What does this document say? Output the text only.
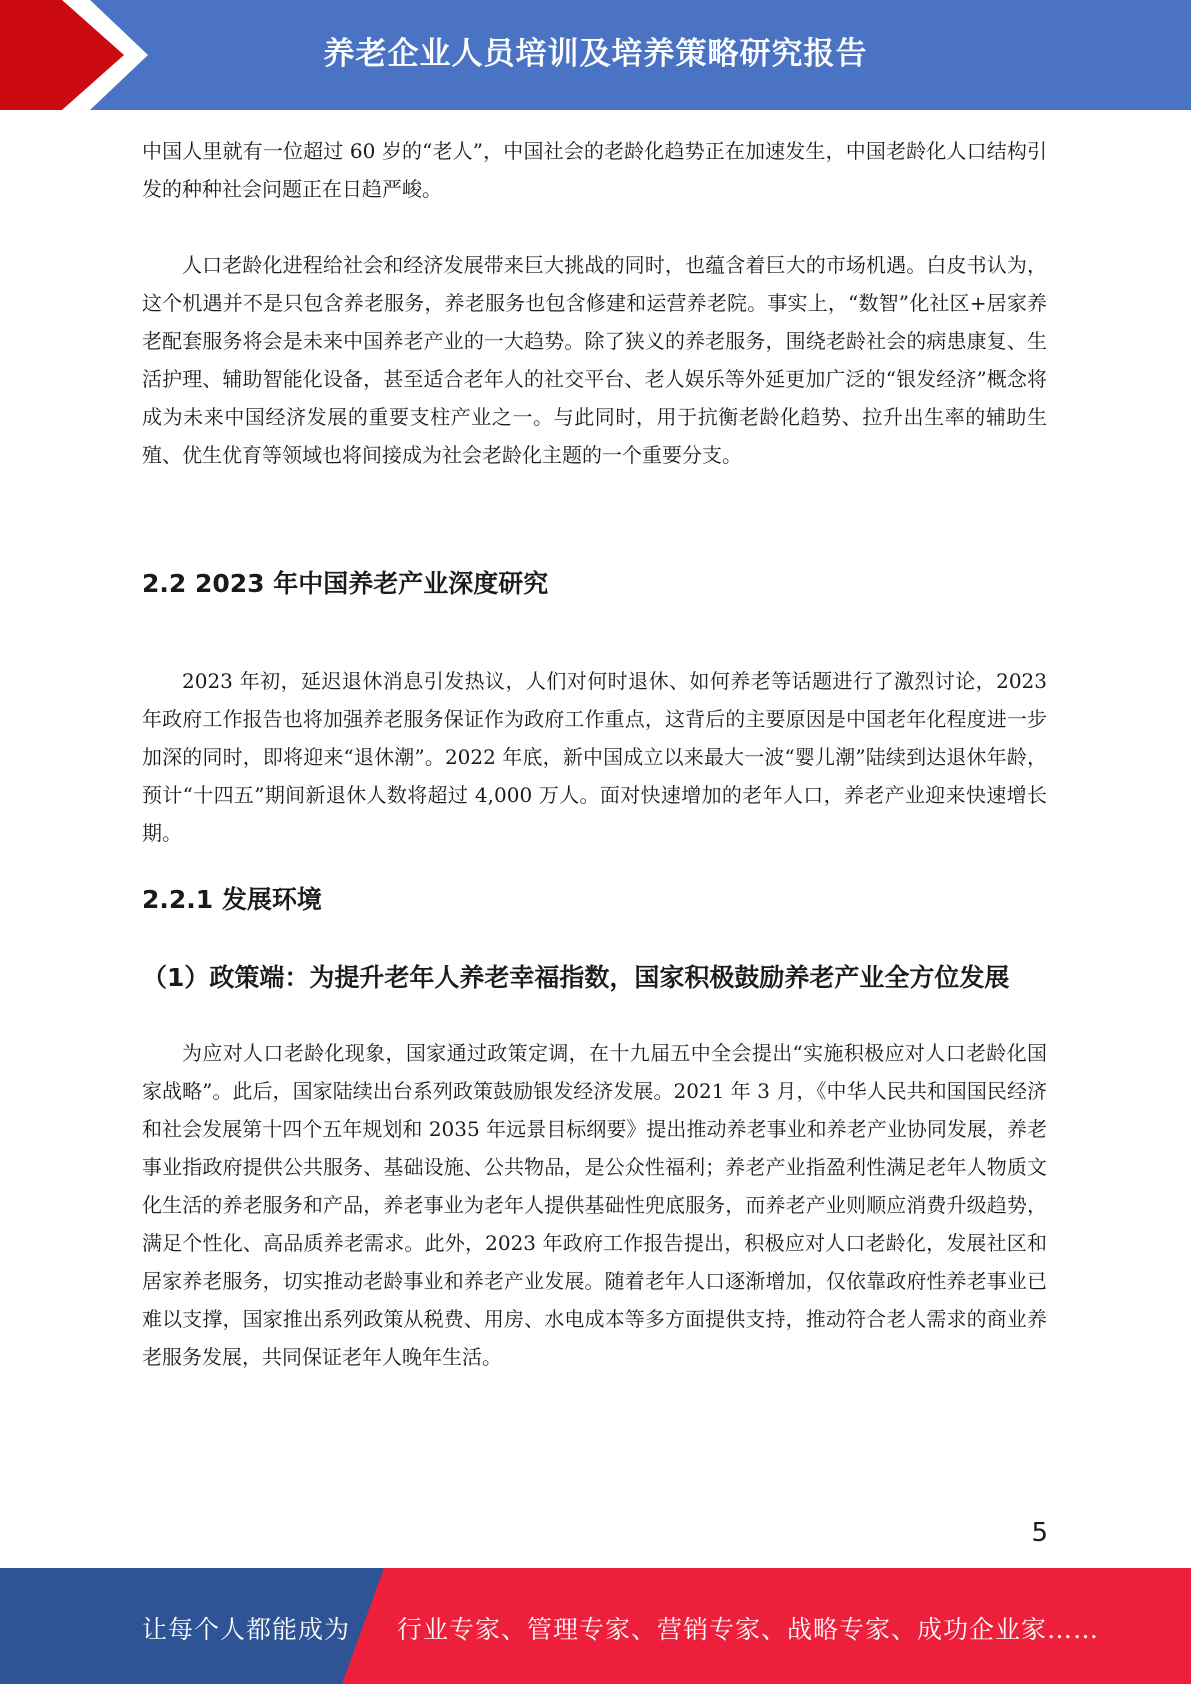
养老企业人员培训及培养策略研究报告

中国人里就有一位超过 60 岁的“老人”，中国社会的老龄化趋势正在加速发生，中国老龄化人口结构引发的种种社会问题正在日趋严峻。

人口老龄化进程给社会和经济发展带来巨大挑战的同时，也蕴含着巨大的市场机遇。白皮书认为，这个机遇并不是只包含养老服务，养老服务也包含修建和运营养老院。事实上，“数智”化社区+居家养老配套服务将会是未来中国养老产业的一大趋势。除了狭义的养老服务，围绕老龄社会的病患康复、生活护理、辅助智能化设备，甚至适合老年人的社交平台、老人娱乐等外延更加广泛的“银发经济”概念将成为未来中国经济发展的重要支柱产业之一。与此同时，用于抗衡老龄化趋势、拉升出生率的辅助生殖、优生优育等领域也将间接成为社会老龄化主题的一个重要分支。

2.2 2023 年中国养老产业深度研究

2023 年初，延迟退休消息引发热议，人们对何时退休、如何养老等话题进行了激烈讨论，2023 年政府工作报告也将加强养老服务保证作为政府工作重点，这背后的主要原因是中国老年化程度进一步加深的同时，即将迎来“退休潮”。2022 年底，新中国成立以来最大一波“婴儿潮”陆续到达退休年龄，预计“十四五”期间新退休人数将超过 4,000 万人。面对快速增加的老年人口，养老产业迎来快速增长期。

2.2.1 发展环境
（1）政策端：为提升老年人养老幸福指数，国家积极鼓励养老产业全方位发展

为应对人口老龄化现象，国家通过政策定调，在十九届五中全会提出“实施积极应对人口老龄化国家战略”。此后，国家陆续出台系列政策鼓励银发经济发展。2021 年 3 月，《中华人民共和国国民经济和社会发展第十四个五年规划和 2035 年远景目标纲要》提出推动养老事业和养老产业协同发展，养老事业指政府提供公共服务、基础设施、公共物品，是公众性福利；养老产业指盈利性满足老年人物质文化生活的养老服务和产品，养老事业为老年人提供基础性兜底服务，而养老产业则顺应消费升级趋势，满足个性化、高品质养老需求。此外，2023 年政府工作报告提出，积极应对人口老龄化，发展社区和居家养老服务，切实推动老龄事业和养老产业发展。随着老年人口逐渐增加，仅依靠政府性养老事业已难以支撑，国家推出系列政策从税费、用房、水电成本等多方面提供支持，推动符合老人需求的商业养老服务发展，共同保证老年人晚年生活。

5
让每个人都能成为 行业专家、管理专家、营销专家、战略专家、成功企业家……
